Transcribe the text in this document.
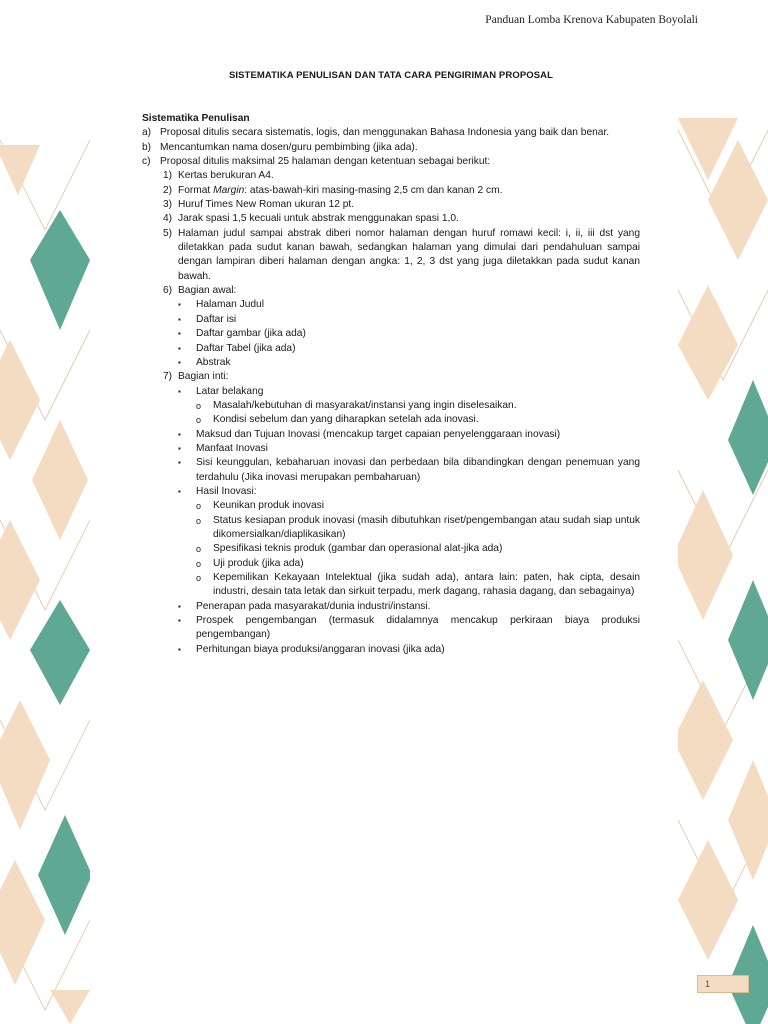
Panduan Lomba Krenova Kabupaten Boyolali
SISTEMATIKA PENULISAN DAN TATA CARA PENGIRIMAN PROPOSAL

Sistematika Penulisan

a) Proposal ditulis secara sistematis, logis, dan menggunakan Bahasa Indonesia yang baik dan benar.
b) Mencantumkan nama dosen/guru pembimbing (jika ada).
c) Proposal ditulis maksimal 25 halaman dengan ketentuan sebagai berikut:
1) Kertas berukuran A4.
2) Format Margin: atas-bawah-kiri masing-masing 2,5 cm dan kanan 2 cm.
3) Huruf Times New Roman ukuran 12 pt.
4) Jarak spasi 1,5 kecuali untuk abstrak menggunakan spasi 1,0.
5) Halaman judul sampai abstrak diberi nomor halaman dengan huruf romawi kecil: i, ii, iii dst yang diletakkan pada sudut kanan bawah, sedangkan halaman yang dimulai dari pendahuluan sampai dengan lampiran diberi halaman dengan angka: 1, 2, 3 dst yang juga diletakkan pada sudut kanan bawah.
6) Bagian awal:
▪	Halaman Judul
▪	Daftar isi
▪	Daftar gambar (jika ada)
▪	Daftar Tabel (jika ada)
▪	Abstrak
7) Bagian inti:
▪	Latar belakang
o	Masalah/kebutuhan di masyarakat/instansi yang ingin diselesaikan.
o	Kondisi sebelum dan yang diharapkan setelah ada inovasi.
▪	Maksud dan Tujuan Inovasi (mencakup target capaian penyelenggaraan inovasi)
▪	Manfaat Inovasi
▪	Sisi keunggulan, kebaharuan inovasi dan perbedaan bila dibandingkan dengan penemuan yang terdahulu (Jika inovasi merupakan pembaharuan)
▪	Hasil Inovasi:
o	Keunikan produk inovasi
o	Status kesiapan produk inovasi (masih dibutuhkan riset/pengembangan atau sudah siap untuk dikomersialkan/diaplikasikan)
o	Spesifikasi teknis produk (gambar dan operasional alat-jika ada)
o	Uji produk (jika ada)
o	Kepemilikan Kekayaan Intelektual (jika sudah ada), antara lain: paten, hak cipta, desain industri, desain tata letak dan sirkuit terpadu, merk dagang, rahasia dagang, dan sebagainya)
▪	Penerapan pada masyarakat/dunia industri/instansi.
▪	Prospek pengembangan (termasuk didalamnya mencakup perkiraan biaya produksi pengembangan)
▪	Perhitungan biaya produksi/anggaran inovasi (jika ada)
1
